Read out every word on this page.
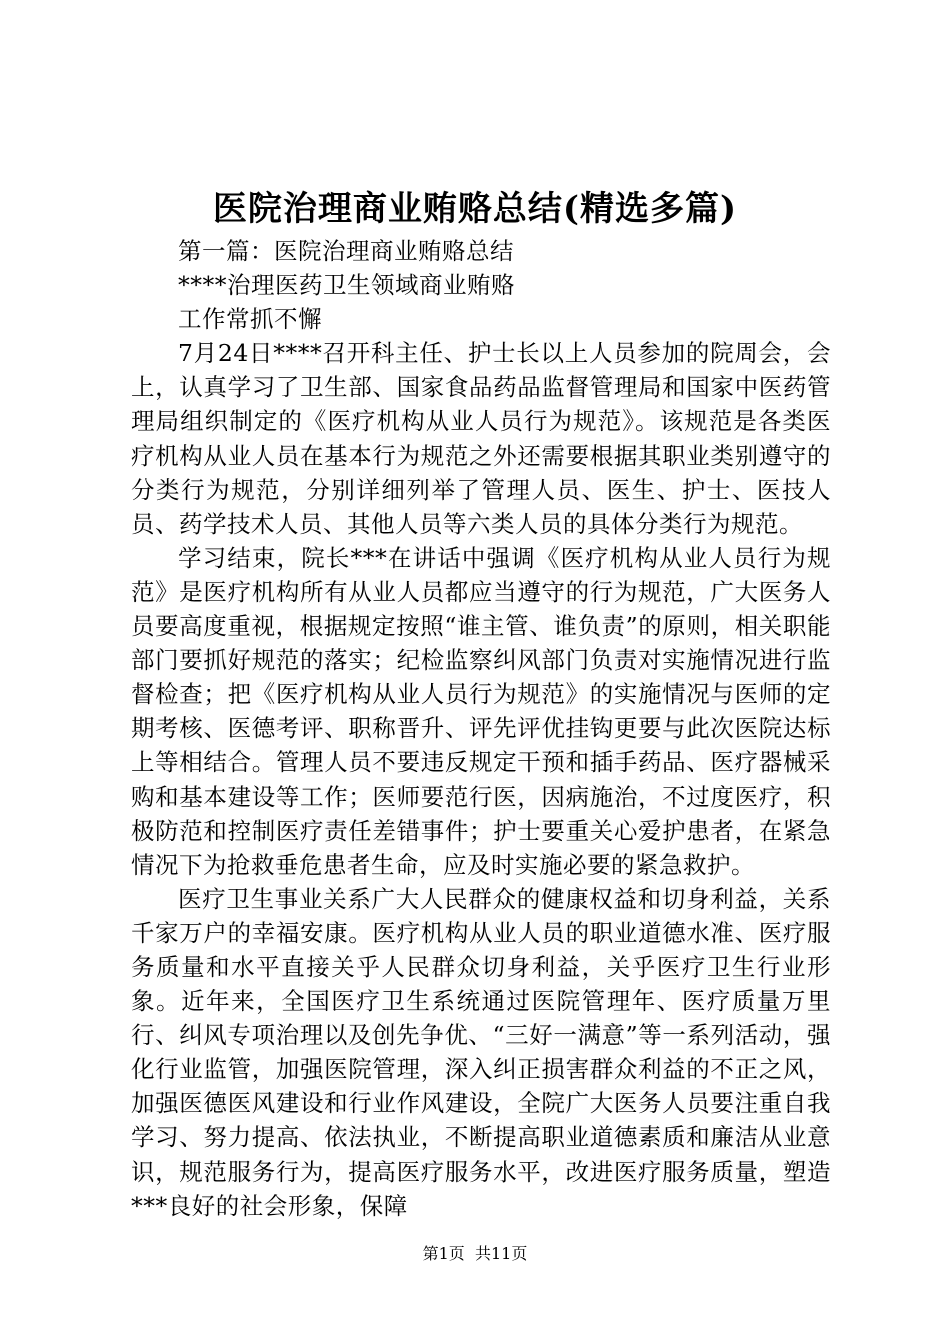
医院治理商业贿赂总结(精选多篇)

第一篇：医院治理商业贿赂总结

****治理医药卫生领域商业贿赂

工作常抓不懈

7月24日****召开科主任、护士长以上人员参加的院周会，会上，认真学习了卫生部、国家食品药品监督管理局和国家中医药管理局组织制定的《医疗机构从业人员行为规范》。该规范是各类医疗机构从业人员在基本行为规范之外还需要根据其职业类别遵守的分类行为规范，分别详细列举了管理人员、医生、护士、医技人员、药学技术人员、其他人员等六类人员的具体分类行为规范。

学习结束，院长***在讲话中强调《医疗机构从业人员行为规范》是医疗机构所有从业人员都应当遵守的行为规范，广大医务人员要高度重视，根据规定按照“谁主管、谁负责”的原则，相关职能部门要抓好规范的落实；纪检监察纠风部门负责对实施情况进行监督检查；把《医疗机构从业人员行为规范》的实施情况与医师的定期考核、医德考评、职称晋升、评先评优挂钩更要与此次医院达标上等相结合。管理人员不要违反规定干预和插手药品、医疗器械采购和基本建设等工作；医师要范行医，因病施治，不过度医疗，积极防范和控制医疗责任差错事件；护士要重关心爱护患者，在紧急情况下为抢救垂危患者生命，应及时实施必要的紧急救护。

医疗卫生事业关系广大人民群众的健康权益和切身利益，关系千家万户的幸福安康。医疗机构从业人员的职业道德水准、医疗服务质量和水平直接关乎人民群众切身利益，关乎医疗卫生行业形象。近年来，全国医疗卫生系统通过医院管理年、医疗质量万里行、纠风专项治理以及创先争优、“三好一满意”等一系列活动，强化行业监管，加强医院管理，深入纠正损害群众利益的不正之风，加强医德医风建设和行业作风建设，全院广大医务人员要注重自我学习、努力提高、依法执业，不断提高职业道德素质和廉洁从业意识，规范服务行为，提高医疗服务水平，改进医疗服务质量，塑造***良好的社会形象，保障

第1页 共11页
